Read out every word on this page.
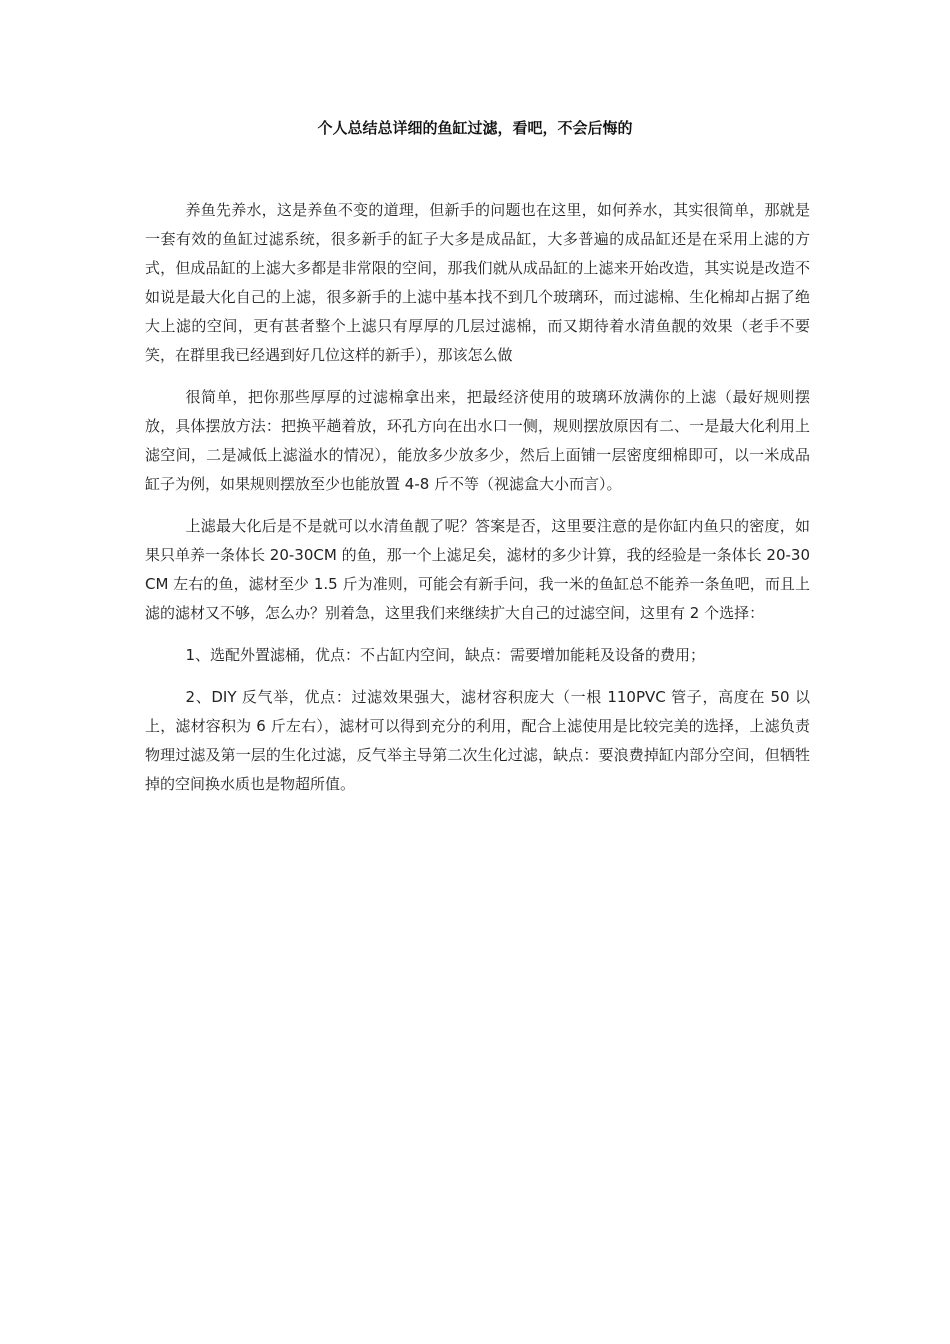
个人总结总详细的鱼缸过滤，看吧，不会后悔的

养鱼先养水，这是养鱼不变的道理，但新手的问题也在这里，如何养水，其实很简单，那就是一套有效的鱼缸过滤系统，很多新手的缸子大多是成品缸，大多普遍的成品缸还是在采用上滤的方式，但成品缸的上滤大多都是非常限的空间，那我们就从成品缸的上滤来开始改造，其实说是改造不如说是最大化自己的上滤，很多新手的上滤中基本找不到几个玻璃环，而过滤棉、生化棉却占据了绝大上滤的空间，更有甚者整个上滤只有厚厚的几层过滤棉，而又期待着水清鱼靓的效果（老手不要笑，在群里我已经遇到好几位这样的新手），那该怎么做

很简单，把你那些厚厚的过滤棉拿出来，把最经济使用的玻璃环放满你的上滤（最好规则摆放，具体摆放方法：把换平趟着放，环孔方向在出水口一侧，规则摆放原因有二、一是最大化利用上滤空间，二是减低上滤溢水的情况），能放多少放多少，然后上面铺一层密度细棉即可，以一米成品缸子为例，如果规则摆放至少也能放置 4-8 斤不等（视滤盒大小而言）。

上滤最大化后是不是就可以水清鱼靓了呢？答案是否，这里要注意的是你缸内鱼只的密度，如果只单养一条体长 20-30CM 的鱼，那一个上滤足矣，滤材的多少计算，我的经验是一条体长 20-30CM 左右的鱼，滤材至少 1.5 斤为准则，可能会有新手问，我一米的鱼缸总不能养一条鱼吧，而且上滤的滤材又不够，怎么办？别着急，这里我们来继续扩大自己的过滤空间，这里有 2 个选择：

1、选配外置滤桶，优点：不占缸内空间，缺点：需要增加能耗及设备的费用；

2、DIY 反气举，优点：过滤效果强大，滤材容积庞大（一根 110PVC 管子，高度在 50 以上，滤材容积为 6 斤左右），滤材可以得到充分的利用，配合上滤使用是比较完美的选择，上滤负责物理过滤及第一层的生化过滤，反气举主导第二次生化过滤，缺点：要浪费掉缸内部分空间，但牺牲掉的空间换水质也是物超所值。
